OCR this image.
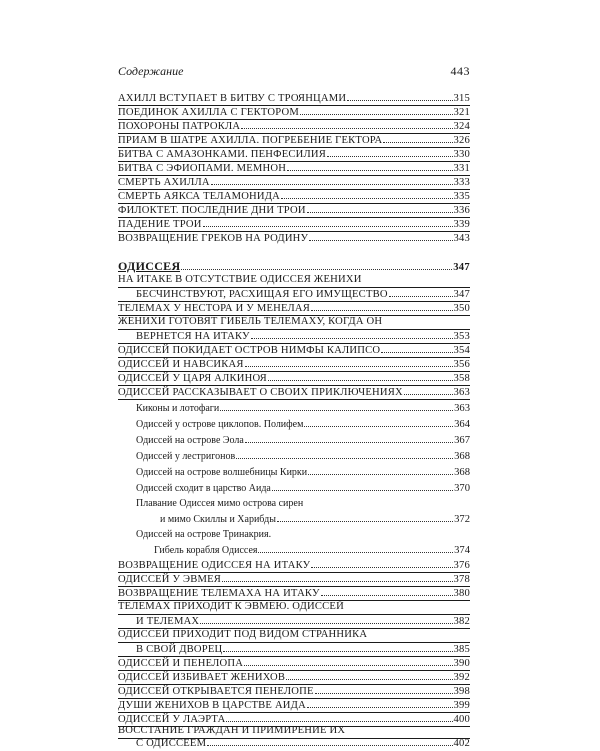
Содержание	443
АХИЛЛ ВСТУПАЕТ В БИТВУ С ТРОЯНЦАМИ	315
ПОЕДИНОК АХИЛЛА С ГЕКТОРОМ	321
ПОХОРОНЫ ПАТРОКЛА	324
ПРИАМ В ШАТРЕ АХИЛЛА. ПОГРЕБЕНИЕ ГЕКТОРА	326
БИТВА С АМАЗОНКАМИ. ПЕНФЕСИЛИЯ	330
БИТВА С ЭФИОПАМИ. МЕМНОН	331
СМЕРТЬ АХИЛЛА	333
СМЕРТЬ АЯКСА ТЕЛАМОНИДА	335
ФИЛОКТЕТ. ПОСЛЕДНИЕ ДНИ ТРОИ	336
ПАДЕНИЕ ТРОИ	339
ВОЗВРАЩЕНИЕ ГРЕКОВ НА РОДИНУ	343
ОДИССЕЯ	347
НА ИТАКЕ В ОТСУТСТВИЕ ОДИССЕЯ ЖЕНИХИ
БЕСЧИНСТВУЮТ, РАСХИЩАЯ ЕГО ИМУЩЕСТВО	347
ТЕЛЕМАХ У НЕСТОРА И У МЕНЕЛАЯ	350
ЖЕНИХИ ГОТОВЯТ ГИБЕЛЬ ТЕЛЕМАХУ, КОГДА ОН
ВЕРНЕТСЯ НА ИТАКУ	353
ОДИССЕЙ ПОКИДАЕТ ОСТРОВ НИМФЫ КАЛИПСО	354
ОДИССЕЙ И НАВСИКАЯ	356
ОДИССЕЙ У ЦАРЯ АЛКИНОЯ	358
ОДИССЕЙ РАССКАЗЫВАЕТ О СВОИХ ПРИКЛЮЧЕНИЯХ	363
Киконы и лотофаги	363
Одиссей у острове циклопов. Полифем	364
Одиссей на острове Эола	367
Одиссей у лестригонов	368
Одиссей на острове волшебницы Кирки	368
Одиссей сходит в царство Аида	370
Плавание Одиссея мимо острова сирен
и мимо Скиллы и Харибды	372
Одиссей на острове Тринакрия.
Гибель корабля Одиссея	374
ВОЗВРАЩЕНИЕ ОДИССЕЯ НА ИТАКУ	376
ОДИССЕЙ У ЭВМЕЯ	378
ВОЗВРАЩЕНИЕ ТЕЛЕМАХА НА ИТАКУ	380
ТЕЛЕМАХ ПРИХОДИТ К ЭВМЕЮ. ОДИССЕЙ
И ТЕЛЕМАХ	382
ОДИССЕЙ ПРИХОДИТ ПОД ВИДОМ СТРАННИКА
В СВОЙ ДВОРЕЦ	385
ОДИССЕЙ И ПЕНЕЛОПА	390
ОДИССЕЙ ИЗБИВАЕТ ЖЕНИХОВ	392
ОДИССЕЙ ОТКРЫВАЕТСЯ ПЕНЕЛОПЕ	398
ДУШИ ЖЕНИХОВ В ЦАРСТВЕ АИДА	399
ОДИССЕЙ У ЛАЭРТА	400
ВОССТАНИЕ ГРАЖДАН И ПРИМИРЕНИЕ ИХ
С ОДИССЕЕМ	402
